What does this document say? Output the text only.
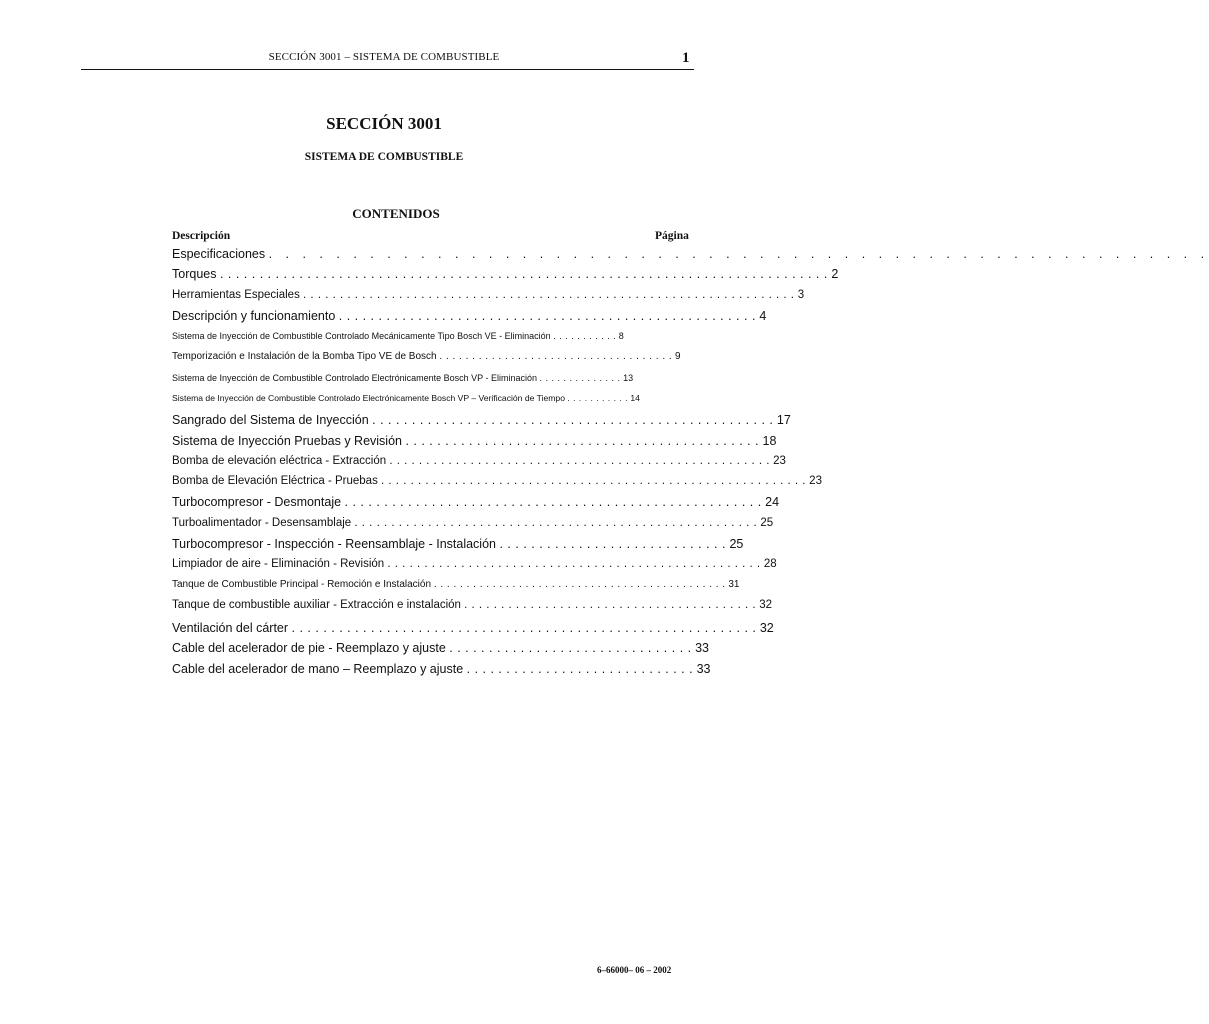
SECCIÓN 3001 – SISTEMA DE COMBUSTIBLE	1
SECCIÓN 3001
SISTEMA DE COMBUSTIBLE
CONTENIDOS
Descripción	Página
Especificaciones . . . . . . . . . . . . . . . . . . . . . . . . . . . . . . . . . . . . . . . . . . . . . . . . . . . . . . . .
Torques . . . . . . . . . . . . . . . . . . . . . . . . . . . . . . . . . . . . . . . . . . . . . . . . . . . . . . . . . . . . . . . . . . . . . . . . . . . . . 2
Herramientas Especiales . . . . . . . . . . . . . . . . . . . . . . . . . . . . . . . . . . . . . . . . . . . . . . . . . . . . . . . . . . . . . . . . . . . 3
Descripción y funcionamiento . . . . . . . . . . . . . . . . . . . . . . . . . . . . . . . . . . . . . . . . . . . . . . . . . . . . . 4
Sistema de Inyección de Combustible Controlado Mecánicamente Tipo Bosch VE - Eliminación . . . . . . . . . . . 8
Temporización e Instalación de la Bomba Tipo VE de Bosch . . . . . . . . . . . . . . . . . . . . . . . . . . . . . . . . . . . . 9
Sistema de Inyección de Combustible Controlado Electrónicamente Bosch VP - Eliminación . . . . . . . . . . . . . . 13
Sistema de Inyección de Combustible Controlado Electrónicamente Bosch VP – Verificación de Tiempo . . . . . . . . . . . 14
Sangrado del Sistema de Inyección . . . . . . . . . . . . . . . . . . . . . . . . . . . . . . . . . . . . . . . . . . . . . . . . . . . 17
Sistema de Inyección Pruebas y Revisión . . . . . . . . . . . . . . . . . . . . . . . . . . . . . . . . . . . . . . . . . . . . . 18
Bomba de elevación eléctrica - Extracción . . . . . . . . . . . . . . . . . . . . . . . . . . . . . . . . . . . . . . . . . . . . . . . . . . . . 23
Bomba de Elevación Eléctrica - Pruebas . . . . . . . . . . . . . . . . . . . . . . . . . . . . . . . . . . . . . . . . . . . . . . . . . . . . . . . . . . 23
Turbocompresor - Desmontaje . . . . . . . . . . . . . . . . . . . . . . . . . . . . . . . . . . . . . . . . . . . . . . . . . . . . . 24
Turboalimentador - Desensamblaje . . . . . . . . . . . . . . . . . . . . . . . . . . . . . . . . . . . . . . . . . . . . . . . . . . . . . . . 25
Turbocompresor - Inspección - Reensamblaje - Instalación . . . . . . . . . . . . . . . . . . . . . . . . . . . . . 25
Limpiador de aire - Eliminación - Revisión . . . . . . . . . . . . . . . . . . . . . . . . . . . . . . . . . . . . . . . . . . . . . . . . . . . 28
Tanque de Combustible Principal - Remoción e Instalación . . . . . . . . . . . . . . . . . . . . . . . . . . . . . . . . . . . . . . . . . . . . . 31
Tanque de combustible auxiliar - Extracción e instalación . . . . . . . . . . . . . . . . . . . . . . . . . . . . . . . . . . . . . . . . 32
Ventilación del cárter . . . . . . . . . . . . . . . . . . . . . . . . . . . . . . . . . . . . . . . . . . . . . . . . . . . . . . . . . . . 32
Cable del acelerador de pie - Reemplazo y ajuste . . . . . . . . . . . . . . . . . . . . . . . . . . . . . . . 33
Cable del acelerador de mano – Reemplazo y ajuste . . . . . . . . . . . . . . . . . . . . . . . . . . . . . 33
6–66000– 06 – 2002
